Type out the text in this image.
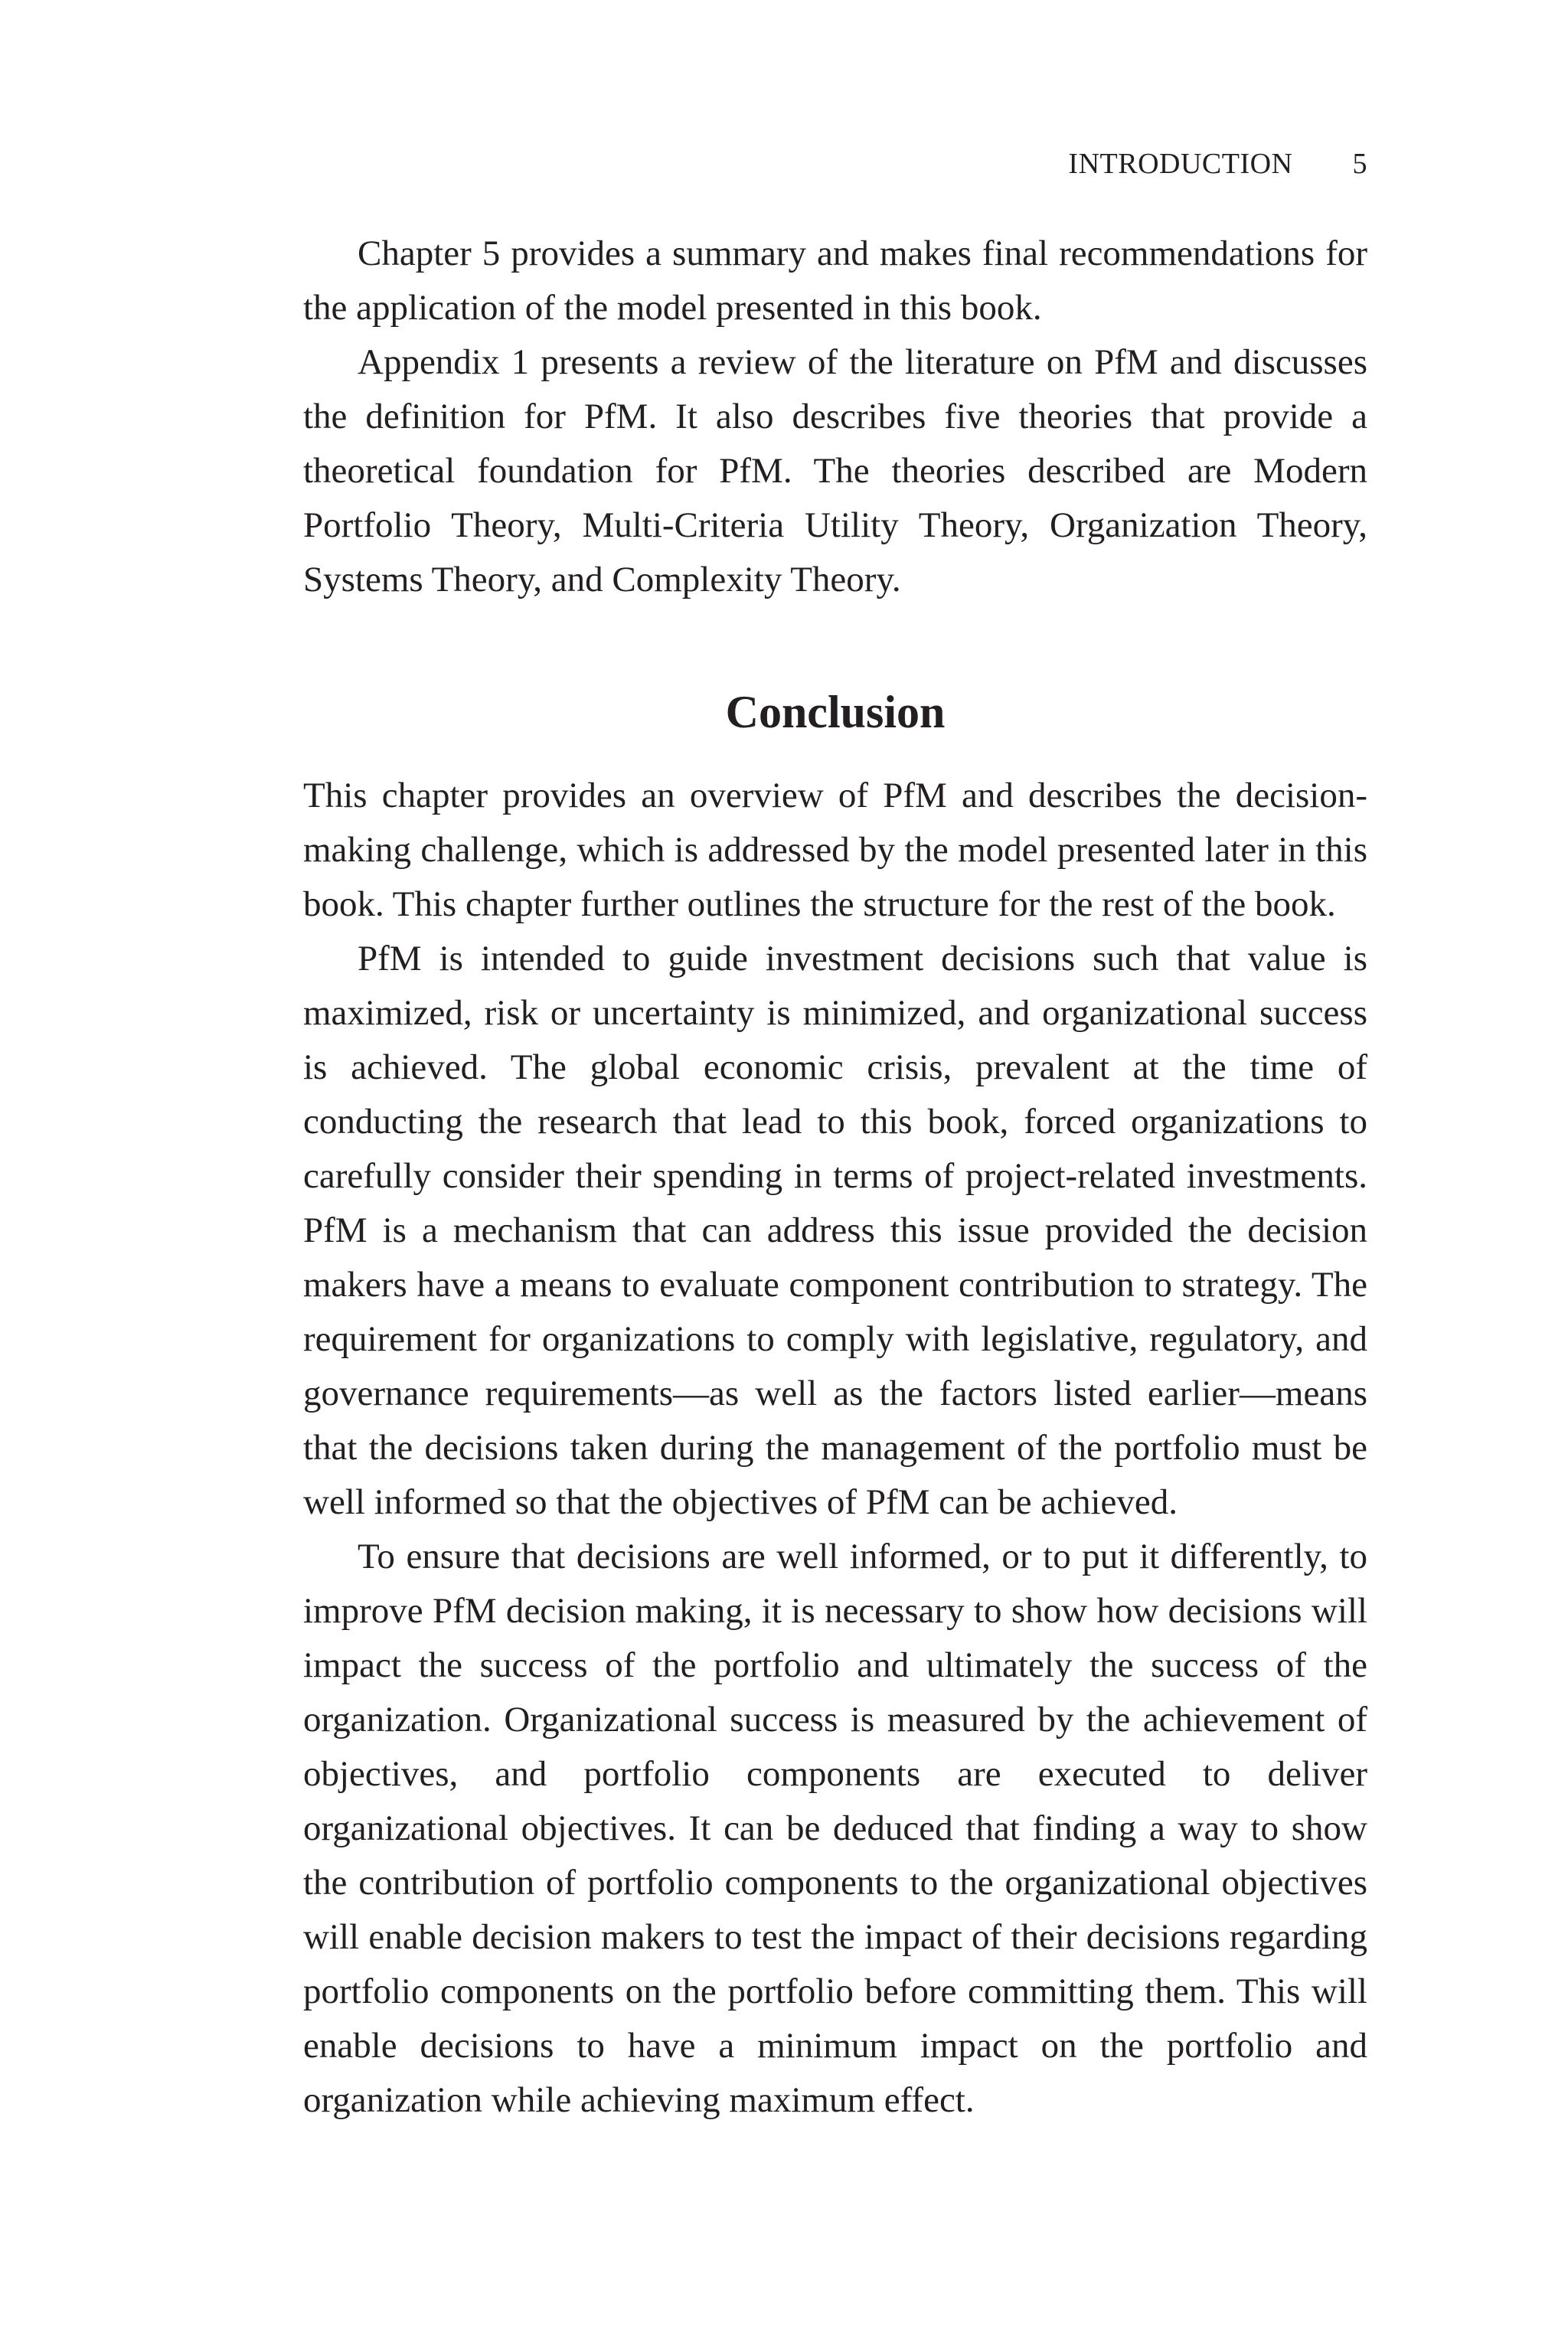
INTRODUCTION 5

Chapter 5 provides a summary and makes final recommendations for the application of the model presented in this book.

Appendix 1 presents a review of the literature on PfM and discusses the definition for PfM. It also describes five theories that provide a theoretical foundation for PfM. The theories described are Modern Portfolio Theory, Multi-Criteria Utility Theory, Organization Theory, Systems Theory, and Complexity Theory.

Conclusion

This chapter provides an overview of PfM and describes the decision-making challenge, which is addressed by the model presented later in this book. This chapter further outlines the structure for the rest of the book.

PfM is intended to guide investment decisions such that value is maximized, risk or uncertainty is minimized, and organizational success is achieved. The global economic crisis, prevalent at the time of conducting the research that lead to this book, forced organizations to carefully consider their spending in terms of project-related investments. PfM is a mechanism that can address this issue provided the decision makers have a means to evaluate component contribution to strategy. The requirement for organizations to comply with legislative, regulatory, and governance requirements—as well as the factors listed earlier—means that the decisions taken during the management of the portfolio must be well informed so that the objectives of PfM can be achieved.

To ensure that decisions are well informed, or to put it differently, to improve PfM decision making, it is necessary to show how decisions will impact the success of the portfolio and ultimately the success of the organization. Organizational success is measured by the achievement of objectives, and portfolio components are executed to deliver organizational objectives. It can be deduced that finding a way to show the contribution of portfolio components to the organizational objectives will enable decision makers to test the impact of their decisions regarding portfolio components on the portfolio before committing them. This will enable decisions to have a minimum impact on the portfolio and organization while achieving maximum effect.
